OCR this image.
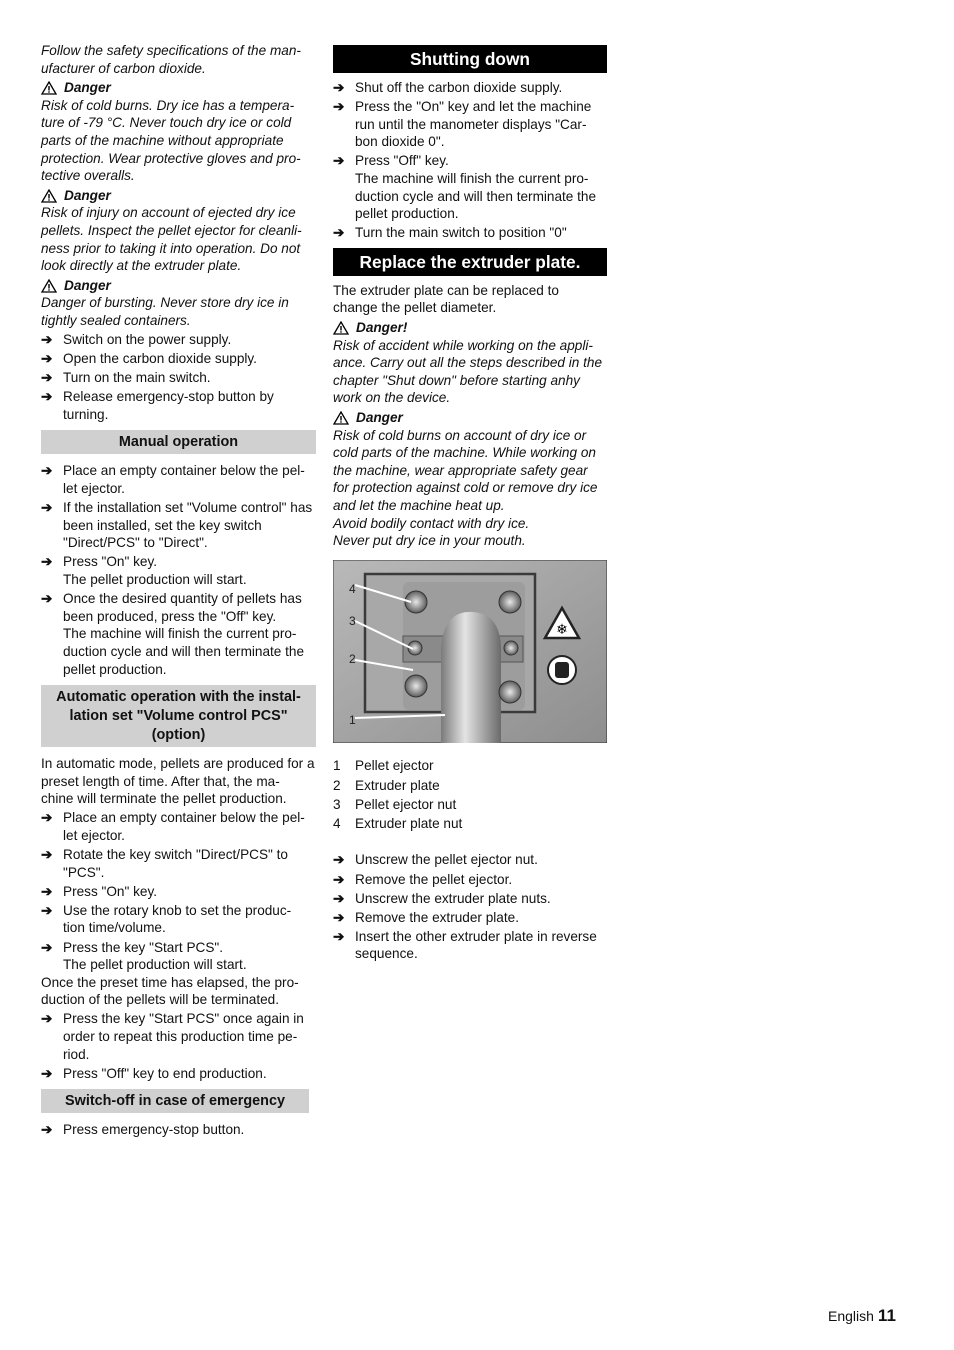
Follow the safety specifications of the man- ufacturer of carbon dioxide.

Danger

Risk of cold burns. Dry ice has a tempera- ture of -79 °C. Never touch dry ice or cold parts of the machine without appropriate protection. Wear protective gloves and pro- tective overalls.

Danger

Risk of injury on account of ejected dry ice pellets. Inspect the pellet ejector for cleanli- ness prior to taking it into operation. Do not look directly at the extruder plate.

Danger

Danger of bursting. Never store dry ice in tightly sealed containers.

➔ Switch on the power supply.
➔ Open the carbon dioxide supply.
➔ Turn on the main switch.
➔ Release emergency-stop button by turning.
Manual operation
➔ Place an empty container below the pel- let ejector.
➔ If the installation set "Volume control" has been installed, set the key switch "Direct/PCS" to "Direct".
➔ Press "On" key.

The pellet production will start.

➔ Once the desired quantity of pellets has been produced, press the "Off" key.

The machine will finish the current pro- duction cycle and will then terminate the pellet production.

Automatic operation with the instal- lation set "Volume control PCS" (option)

In automatic mode, pellets are produced for a preset length of time. After that, the ma- chine will terminate the pellet production.

➔ Place an empty container below the pel- let ejector.
➔ Rotate the key switch "Direct/PCS" to "PCS".
➔ Press "On" key.
➔ Use the rotary knob to set the produc- tion time/volume.
➔ Press the key "Start PCS".

The pellet production will start.

Once the preset time has elapsed, the pro- duction of the pellets will be terminated.

➔ Press the key "Start PCS" once again in order to repeat this production time pe- riod.
➔ Press "Off" key to end production.
Switch-off in case of emergency
➔ Press emergency-stop button.
Shutting down
➔ Shut off the carbon dioxide supply.
➔ Press the "On" key and let the machine run until the manometer displays "Car- bon dioxide 0".
➔ Press "Off" key.

The machine will finish the current pro- duction cycle and will then terminate the pellet production.

➔ Turn the main switch to position "0"
Replace the extruder plate.

The extruder plate can be replaced to change the pellet diameter.

Danger!

Risk of accident while working on the appli- ance. Carry out all the steps described in the chapter "Shut down" before starting anhy work on the device.

Danger

Risk of cold burns on account of dry ice or cold parts of the machine. While working on the machine, wear appropriate safety gear for protection against cold or remove dry ice and let the machine heat up.

Avoid bodily contact with dry ice.

Never put dry ice in your mouth.

❄
4
3
2
1
1	Pellet ejector
2	Extruder plate
3	Pellet ejector nut
4	Extruder plate nut
➔ Unscrew the pellet ejector nut.
➔ Remove the pellet ejector.
➔ Unscrew the extruder plate nuts.
➔ Remove the extruder plate.
➔ Insert the other extruder plate in reverse sequence.
English 11
